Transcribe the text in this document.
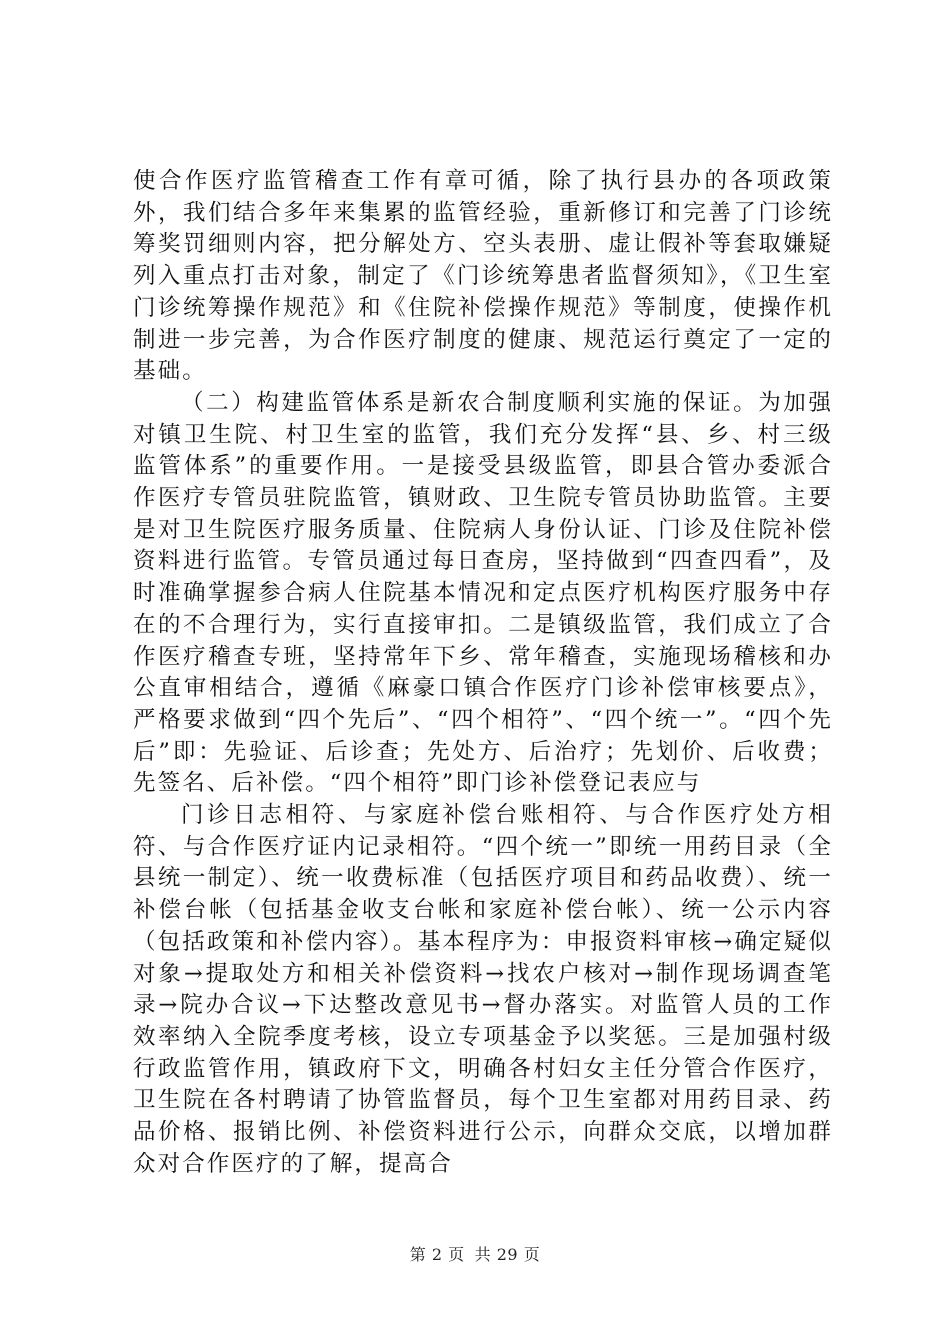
使合作医疗监管稽查工作有章可循，除了执行县办的各项政策外，我们结合多年来集累的监管经验，重新修订和完善了门诊统筹奖罚细则内容，把分解处方、空头表册、虚让假补等套取嫌疑列入重点打击对象，制定了《门诊统筹患者监督须知》，《卫生室门诊统筹操作规范》和《住院补偿操作规范》等制度，使操作机制进一步完善，为合作医疗制度的健康、规范运行奠定了一定的基础。

（二）构建监管体系是新农合制度顺利实施的保证。为加强对镇卫生院、村卫生室的监管，我们充分发挥“县、乡、村三级监管体系”的重要作用。一是接受县级监管，即县合管办委派合作医疗专管员驻院监管，镇财政、卫生院专管员协助监管。主要是对卫生院医疗服务质量、住院病人身份认证、门诊及住院补偿资料进行监管。专管员通过每日查房，坚持做到“四查四看”，及时准确掌握参合病人住院基本情况和定点医疗机构医疗服务中存在的不合理行为，实行直接审扣。二是镇级监管，我们成立了合作医疗稽查专班，坚持常年下乡、常年稽查，实施现场稽核和办公直审相结合，遵循《麻豪口镇合作医疗门诊补偿审核要点》，严格要求做到“四个先后”、“四个相符”、“四个统一”。“四个先后”即：先验证、后诊查；先处方、后治疗；先划价、后收费；先签名、后补偿。“四个相符”即门诊补偿登记表应与

门诊日志相符、与家庭补偿台账相符、与合作医疗处方相符、与合作医疗证内记录相符。“四个统一”即统一用药目录（全县统一制定）、统一收费标准（包括医疗项目和药品收费）、统一补偿台帐（包括基金收支台帐和家庭补偿台帐）、统一公示内容（包括政策和补偿内容）。基本程序为：申报资料审核→确定疑似对象→提取处方和相关补偿资料→找农户核对→制作现场调查笔录→院办合议→下达整改意见书→督办落实。对监管人员的工作效率纳入全院季度考核，设立专项基金予以奖惩。三是加强村级行政监管作用，镇政府下文，明确各村妇女主任分管合作医疗，卫生院在各村聘请了协管监督员，每个卫生室都对用药目录、药品价格、报销比例、补偿资料进行公示，向群众交底，以增加群众对合作医疗的了解，提高合

第 2 页 共 29 页
